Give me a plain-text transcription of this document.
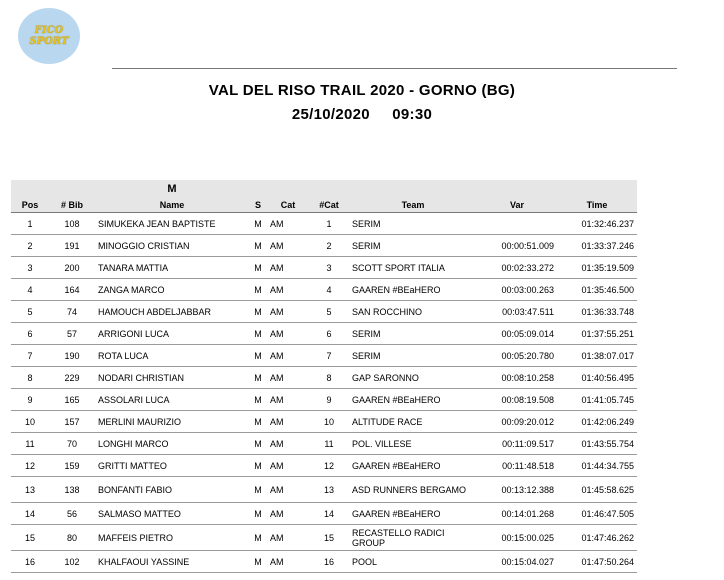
FICO
SPORT
VAL DEL RISO TRAIL 2020 - GORNO (BG)
25/10/2020     09:30
		M						
Pos	# Bib	Name	S	Cat	#Cat	Team	Var	Time
1	108	SIMUKEKA JEAN BAPTISTE	M	AM	1	SERIM		01:32:46.237
2	191	MINOGGIO CRISTIAN	M	AM	2	SERIM	00:00:51.009	01:33:37.246
3	200	TANARA MATTIA	M	AM	3	SCOTT SPORT ITALIA	00:02:33.272	01:35:19.509
4	164	ZANGA MARCO	M	AM	4	GAAREN #BEaHERO	00:03:00.263	01:35:46.500
5	74	HAMOUCH ABDELJABBAR	M	AM	5	SAN ROCCHINO	00:03:47.511	01:36:33.748
6	57	ARRIGONI LUCA	M	AM	6	SERIM	00:05:09.014	01:37:55.251
7	190	ROTA LUCA	M	AM	7	SERIM	00:05:20.780	01:38:07.017
8	229	NODARI CHRISTIAN	M	AM	8	GAP SARONNO	00:08:10.258	01:40:56.495
9	165	ASSOLARI LUCA	M	AM	9	GAAREN #BEaHERO	00:08:19.508	01:41:05.745
10	157	MERLINI MAURIZIO	M	AM	10	ALTITUDE RACE	00:09:20.012	01:42:06.249
11	70	LONGHI MARCO	M	AM	11	POL. VILLESE	00:11:09.517	01:43:55.754
12	159	GRITTI MATTEO	M	AM	12	GAAREN #BEaHERO	00:11:48.518	01:44:34.755
13	138	BONFANTI FABIO	M	AM	13	ASD RUNNERS BERGAMO	00:13:12.388	01:45:58.625
14	56	SALMASO MATTEO	M	AM	14	GAAREN #BEaHERO	00:14:01.268	01:46:47.505
15	80	MAFFEIS PIETRO	M	AM	15	RECASTELLO RADICI GROUP	00:15:00.025	01:47:46.262
16	102	KHALFAOUI YASSINE	M	AM	16	POOL	00:15:04.027	01:47:50.264
